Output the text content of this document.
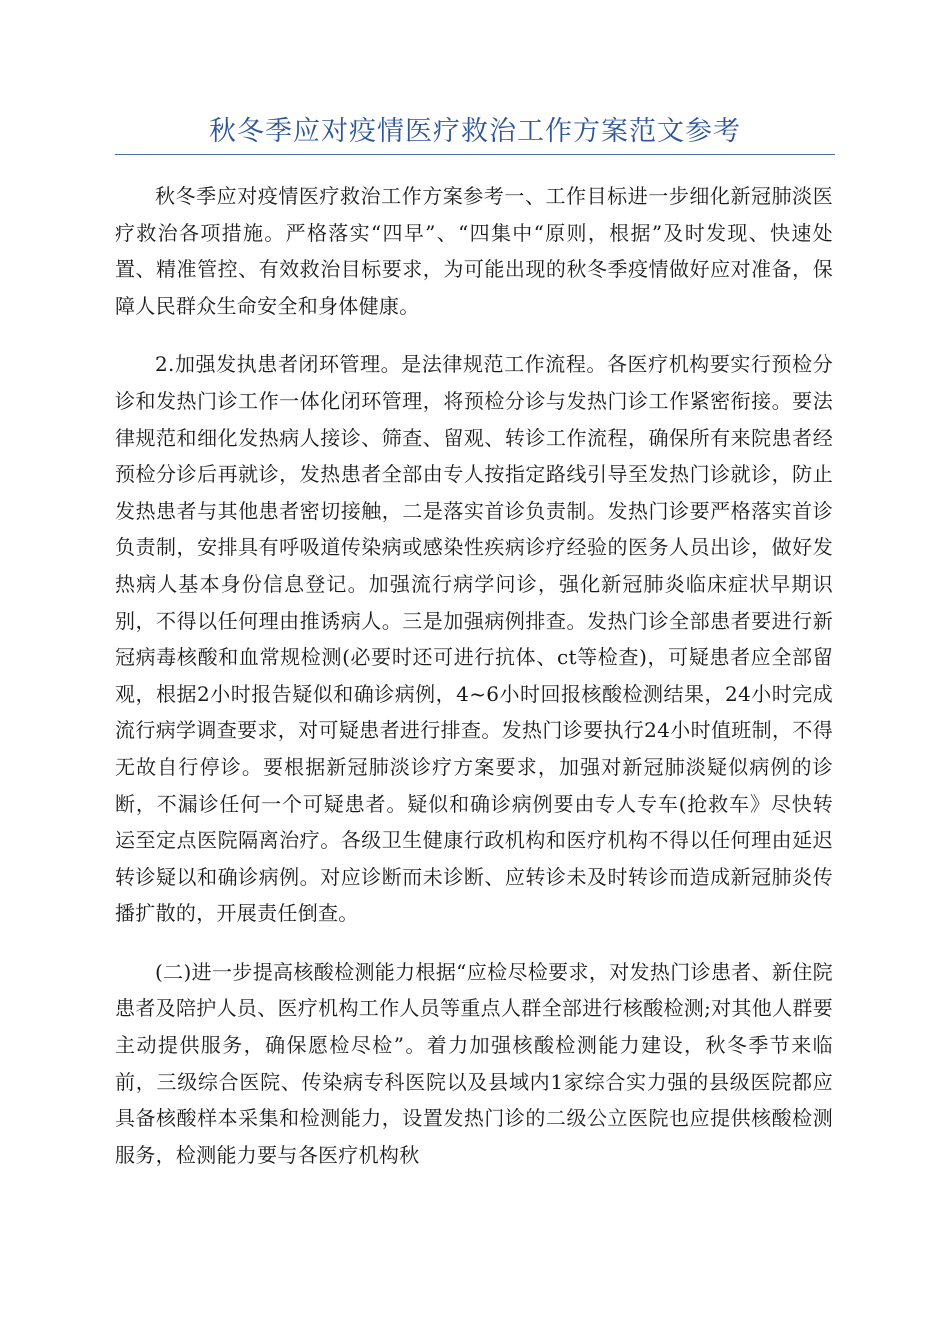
秋冬季应对疫情医疗救治工作方案范文参考

秋冬季应对疫情医疗救治工作方案参考一、工作目标进一步细化新冠肺淡医疗救治各项措施。严格落实“四早”、“四集中“原则，根据”及时发现、快速处置、精准管控、有效救治目标要求，为可能出现的秋冬季疫情做好应对准备，保障人民群众生命安全和身体健康。

2.加强发执患者闭环管理。是法律规范工作流程。各医疗机构要实行预检分诊和发热门诊工作一体化闭环管理，将预检分诊与发热门诊工作紧密衔接。要法律规范和细化发热病人接诊、筛查、留观、转诊工作流程，确保所有来院患者经预检分诊后再就诊，发热患者全部由专人按指定路线引导至发热门诊就诊，防止发热患者与其他患者密切接触，二是落实首诊负责制。发热门诊要严格落实首诊负责制，安排具有呼吸道传染病或感染性疾病诊疗经验的医务人员出诊，做好发热病人基本身份信息登记。加强流行病学问诊，强化新冠肺炎临床症状早期识别，不得以任何理由推诱病人。三是加强病例排查。发热门诊全部患者要进行新冠病毒核酸和血常规检测(必要时还可进行抗体、ct等检查)，可疑患者应全部留观，根据2小时报告疑似和确诊病例，4~6小时回报核酸检测结果，24小时完成流行病学调查要求，对可疑患者进行排查。发热门诊要执行24小时值班制，不得无故自行停诊。要根据新冠肺淡诊疗方案要求，加强对新冠肺淡疑似病例的诊断，不漏诊任何一个可疑患者。疑似和确诊病例要由专人专车(抢救车》尽快转运至定点医院隔离治疗。各级卫生健康行政机构和医疗机构不得以任何理由延迟转诊疑以和确诊病例。对应诊断而未诊断、应转诊未及时转诊而造成新冠肺炎传播扩散的，开展责任倒查。

(二)进一步提高核酸检测能力根据“应检尽检要求，对发热门诊患者、新住院患者及陪护人员、医疗机构工作人员等重点人群全部进行核酸检测;对其他人群要主动提供服务，确保愿检尽检”。着力加强核酸检测能力建设，秋冬季节来临前，三级综合医院、传染病专科医院以及县域内1家综合实力强的县级医院都应具备核酸样本采集和检测能力，设置发热门诊的二级公立医院也应提供核酸检测服务，检测能力要与各医疗机构秋
